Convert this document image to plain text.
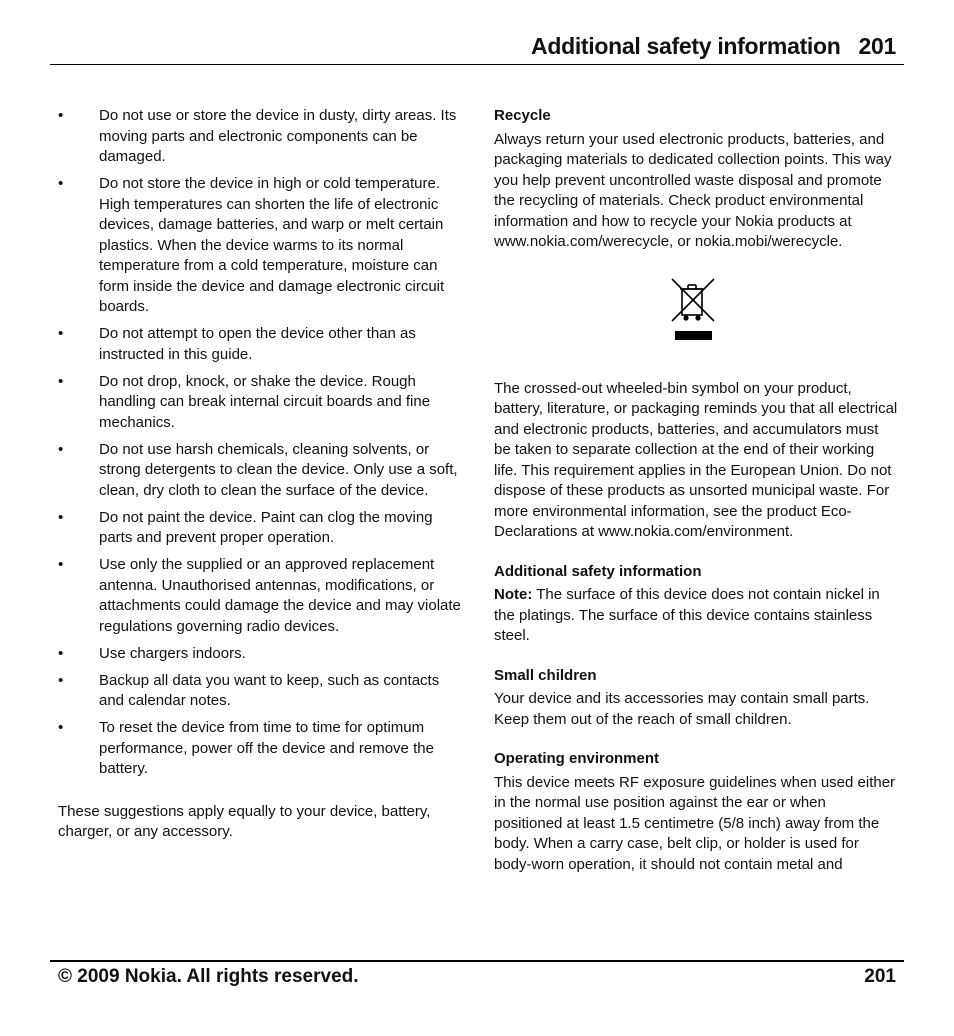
Additional safety information 201
• Do not use or store the device in dusty, dirty areas. Its moving parts and electronic components can be damaged.
• Do not store the device in high or cold temperature. High temperatures can shorten the life of electronic devices, damage batteries, and warp or melt certain plastics. When the device warms to its normal temperature from a cold temperature, moisture can form inside the device and damage electronic circuit boards.
• Do not attempt to open the device other than as instructed in this guide.
• Do not drop, knock, or shake the device. Rough handling can break internal circuit boards and fine mechanics.
• Do not use harsh chemicals, cleaning solvents, or strong detergents to clean the device. Only use a soft, clean, dry cloth to clean the surface of the device.
• Do not paint the device. Paint can clog the moving parts and prevent proper operation.
• Use only the supplied or an approved replacement antenna. Unauthorised antennas, modifications, or attachments could damage the device and may violate regulations governing radio devices.
• Use chargers indoors.
• Backup all data you want to keep, such as contacts and calendar notes.
• To reset the device from time to time for optimum performance, power off the device and remove the battery.

These suggestions apply equally to your device, battery, charger, or any accessory.

Recycle

Always return your used electronic products, batteries, and packaging materials to dedicated collection points. This way you help prevent uncontrolled waste disposal and promote the recycling of materials. Check product environmental information and how to recycle your Nokia products at www.nokia.com/werecycle, or nokia.mobi/werecycle.

The crossed-out wheeled-bin symbol on your product, battery, literature, or packaging reminds you that all electrical and electronic products, batteries, and accumulators must be taken to separate collection at the end of their working life. This requirement applies in the European Union. Do not dispose of these products as unsorted municipal waste. For more environmental information, see the product Eco-Declarations at www.nokia.com/environment.

Additional safety information

Note: The surface of this device does not contain nickel in the platings. The surface of this device contains stainless steel.

Small children

Your device and its accessories may contain small parts. Keep them out of the reach of small children.

Operating environment

This device meets RF exposure guidelines when used either in the normal use position against the ear or when positioned at least 1.5 centimetre (5/8 inch) away from the body. When a carry case, belt clip, or holder is used for body-worn operation, it should not contain metal and

© 2009 Nokia. All rights reserved.	201
